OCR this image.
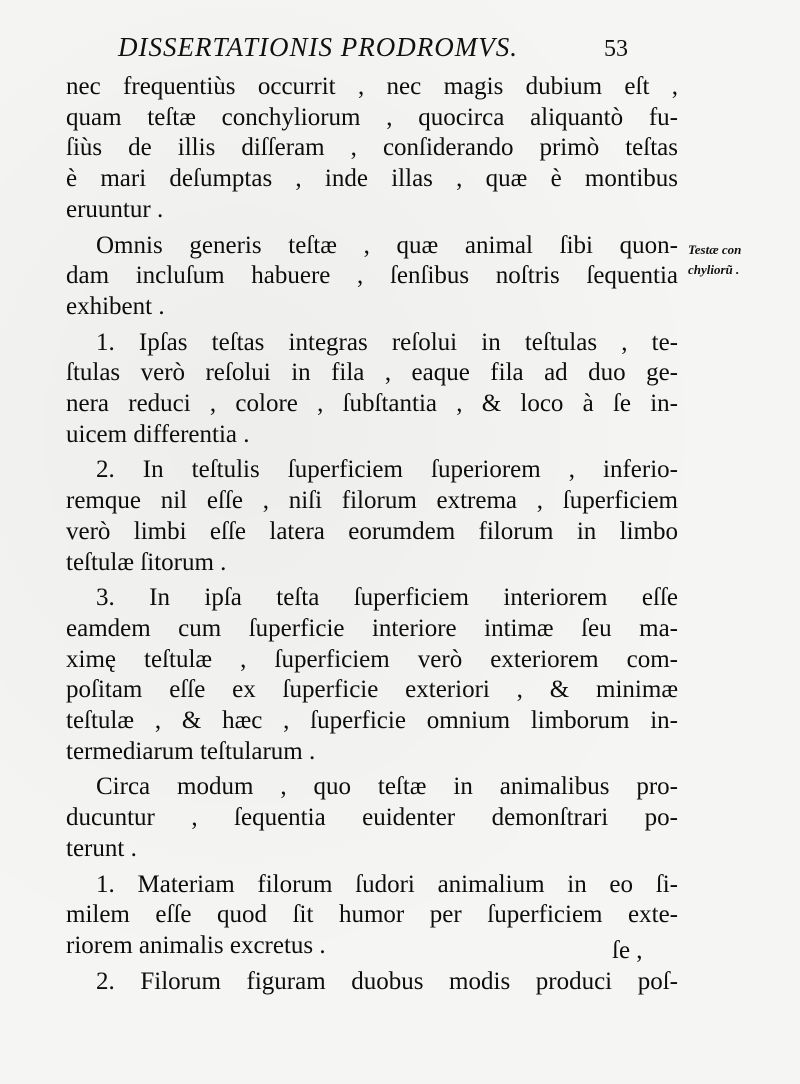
DISSERTATIONIS PRODROMVS.	53
Testæ con
chyliorũ .
nec frequentiùs occurrit , nec magis dubium eſt ,
quam teſtæ conchyliorum , quocirca aliquantò fu-
ſiùs de illis diſſeram , conſiderando primò teſtas
è mari deſumptas , inde illas , quæ è montibus
eruuntur .
Omnis generis teſtæ , quæ animal ſibi quon-
dam incluſum habuere , ſenſibus noſtris ſequentia
exhibent .
1. Ipſas teſtas integras reſolui in teſtulas , te-
ſtulas verò reſolui in fila , eaque fila ad duo ge-
nera reduci , colore , ſubſtantia , & loco à ſe in-
uicem differentia .
2. In teſtulis ſuperficiem ſuperiorem , inferio-
remque nil eſſe , niſi filorum extrema , ſuperficiem
verò limbi eſſe latera eorumdem filorum in limbo
teſtulæ ſitorum .
3. In ipſa teſta ſuperficiem interiorem eſſe
eamdem cum ſuperficie interiore intimæ ſeu ma-
ximę teſtulæ , ſuperficiem verò exteriorem com-
poſitam eſſe ex ſuperficie exteriori , & minimæ
teſtulæ , & hæc , ſuperficie omnium limborum in-
termediarum teſtularum .
Circa modum , quo teſtæ in animalibus pro-
ducuntur , ſequentia euidenter demonſtrari po-
terunt .
1. Materiam filorum ſudori animalium in eo ſi-
milem eſſe quod ſit humor per ſuperficiem exte-
riorem animalis excretus .
2. Filorum figuram duobus modis produci poſ-
ſe ,
